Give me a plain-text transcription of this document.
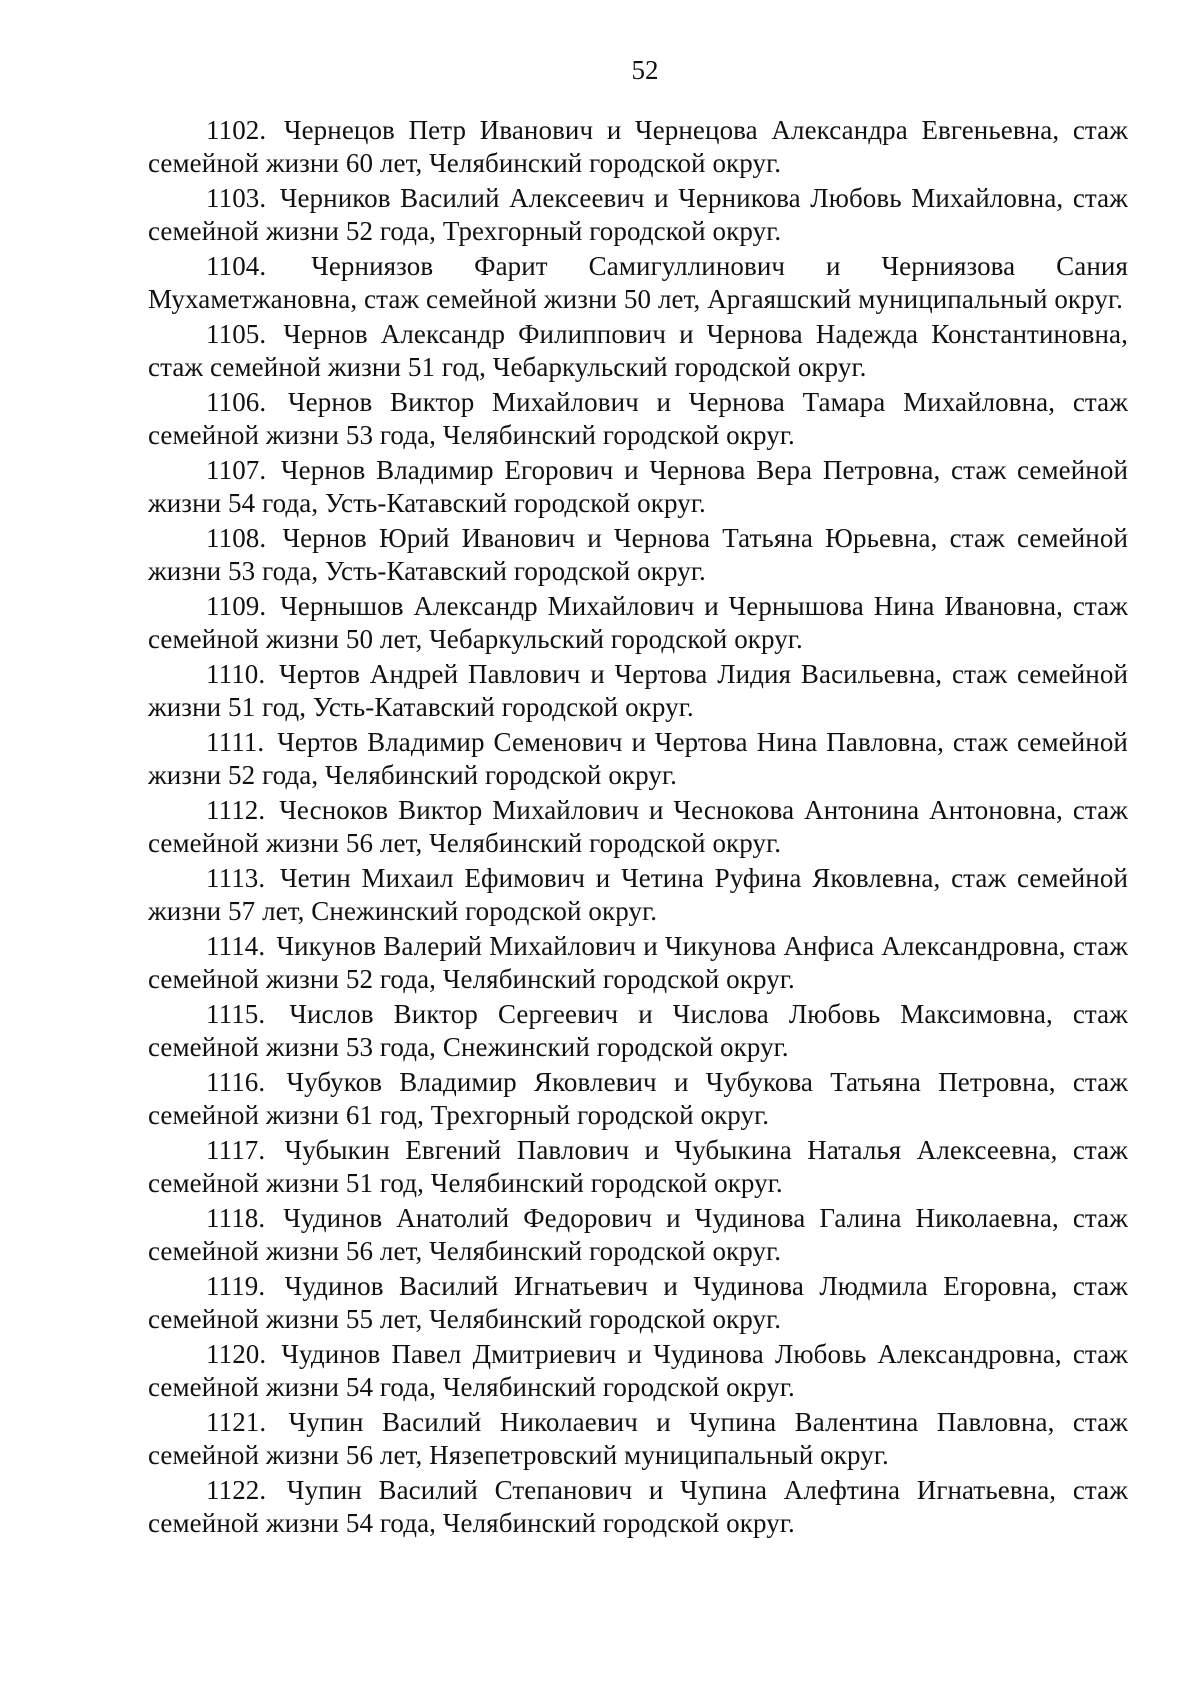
52

1102. Чернецов Петр Иванович и Чернецова Александра Евгеньевна, стаж семейной жизни 60 лет, Челябинский городской округ.

1103. Черников Василий Алексеевич и Черникова Любовь Михайловна, стаж семейной жизни 52 года, Трехгорный городской округ.

1104. Черниязов Фарит Самигуллинович и Черниязова Сания Мухаметжановна, стаж семейной жизни 50 лет, Аргаяшский муниципальный округ.

1105. Чернов Александр Филиппович и Чернова Надежда Константиновна, стаж семейной жизни 51 год, Чебаркульский городской округ.

1106. Чернов Виктор Михайлович и Чернова Тамара Михайловна, стаж семейной жизни 53 года, Челябинский городской округ.

1107. Чернов Владимир Егорович и Чернова Вера Петровна, стаж семейной жизни 54 года, Усть-Катавский городской округ.

1108. Чернов Юрий Иванович и Чернова Татьяна Юрьевна, стаж семейной жизни 53 года, Усть-Катавский городской округ.

1109. Чернышов Александр Михайлович и Чернышова Нина Ивановна, стаж семейной жизни 50 лет, Чебаркульский городской округ.

1110. Чертов Андрей Павлович и Чертова Лидия Васильевна, стаж семейной жизни 51 год, Усть-Катавский городской округ.

1111. Чертов Владимир Семенович и Чертова Нина Павловна, стаж семейной жизни 52 года, Челябинский городской округ.

1112. Чесноков Виктор Михайлович и Чеснокова Антонина Антоновна, стаж семейной жизни 56 лет, Челябинский городской округ.

1113. Четин Михаил Ефимович и Четина Руфина Яковлевна, стаж семейной жизни 57 лет, Снежинский городской округ.

1114. Чикунов Валерий Михайлович и Чикунова Анфиса Александровна, стаж семейной жизни 52 года, Челябинский городской округ.

1115. Числов Виктор Сергеевич и Числова Любовь Максимовна, стаж семейной жизни 53 года, Снежинский городской округ.

1116. Чубуков Владимир Яковлевич и Чубукова Татьяна Петровна, стаж семейной жизни 61 год, Трехгорный городской округ.

1117. Чубыкин Евгений Павлович и Чубыкина Наталья Алексеевна, стаж семейной жизни 51 год, Челябинский городской округ.

1118. Чудинов Анатолий Федорович и Чудинова Галина Николаевна, стаж семейной жизни 56 лет, Челябинский городской округ.

1119. Чудинов Василий Игнатьевич и Чудинова Людмила Егоровна, стаж семейной жизни 55 лет, Челябинский городской округ.

1120. Чудинов Павел Дмитриевич и Чудинова Любовь Александровна, стаж семейной жизни 54 года, Челябинский городской округ.

1121. Чупин Василий Николаевич и Чупина Валентина Павловна, стаж семейной жизни 56 лет, Нязепетровский муниципальный округ.

1122. Чупин Василий Степанович и Чупина Алефтина Игнатьевна, стаж семейной жизни 54 года, Челябинский городской округ.
